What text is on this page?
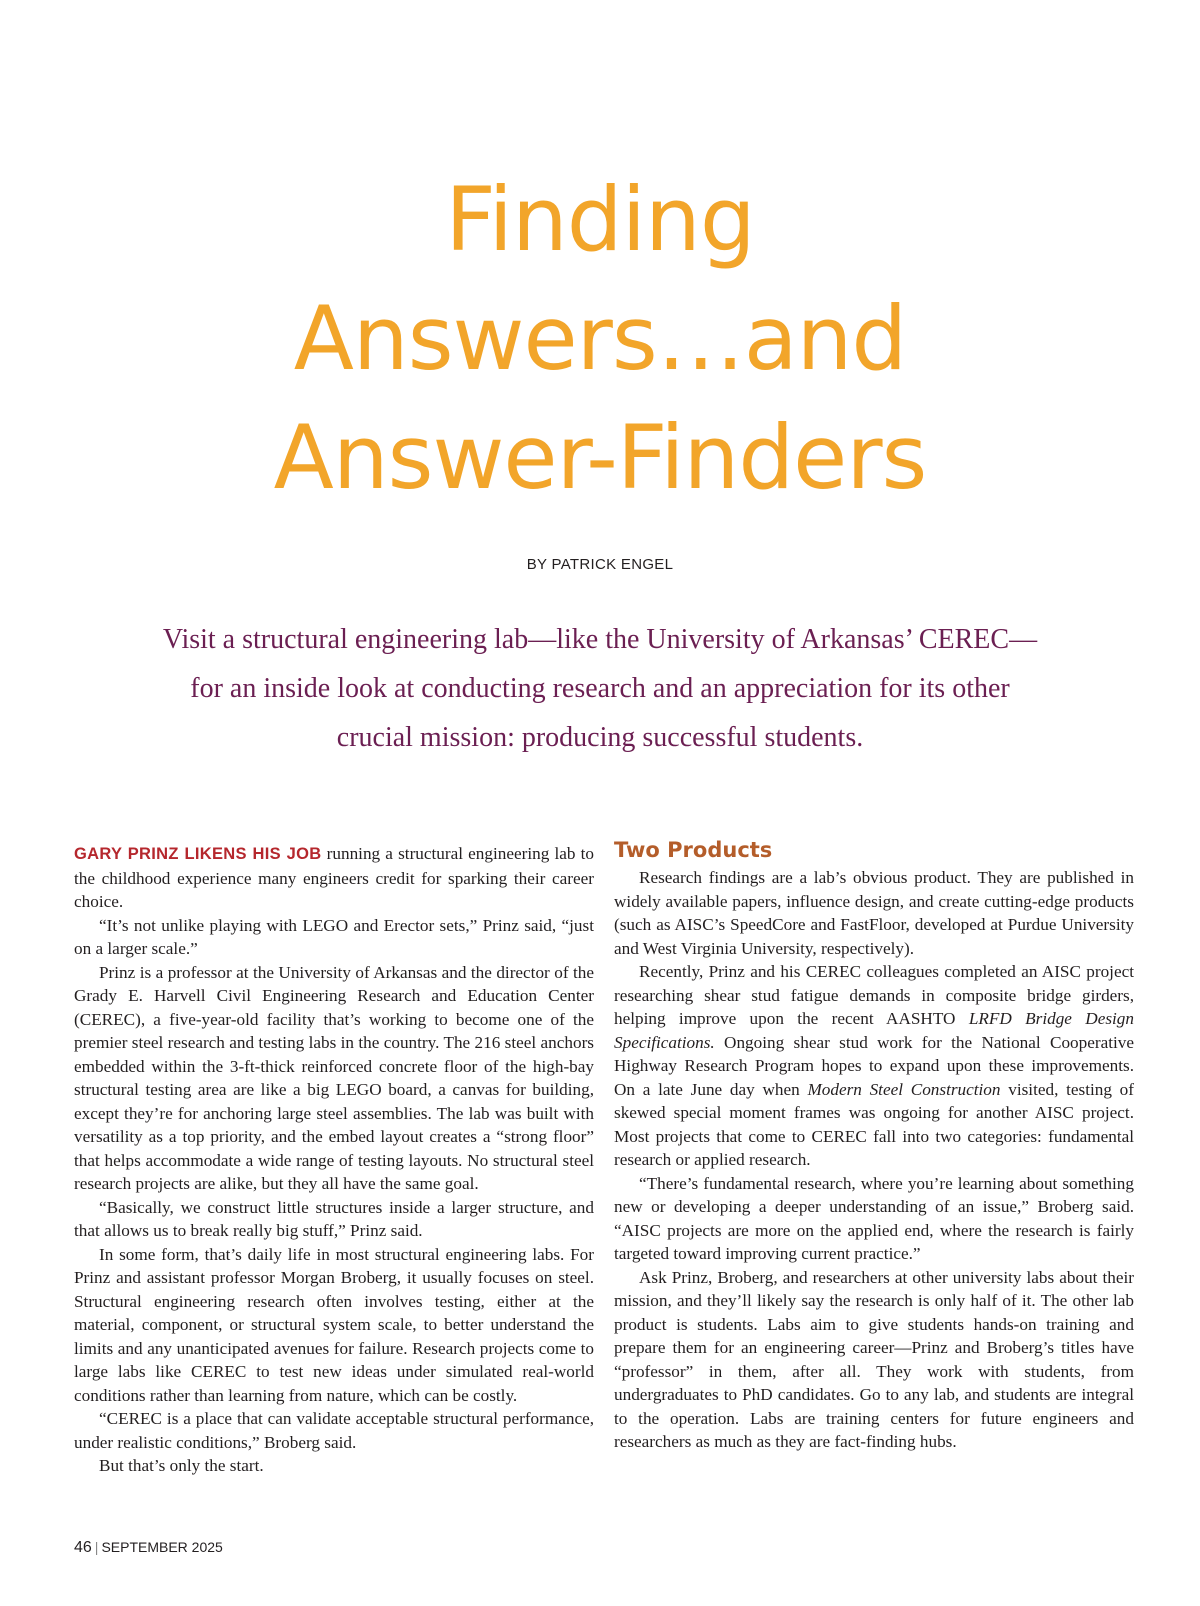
Finding
Answers…and
Answer-Finders
BY PATRICK ENGEL
Visit a structural engineering lab—like the University of Arkansas’ CEREC—
for an inside look at conducting research and an appreciation for its other
crucial mission: producing successful students.

GARY PRINZ LIKENS HIS JOB running a structural engineering lab to the childhood experience many engineers credit for sparking their career choice.

“It’s not unlike playing with LEGO and Erector sets,” Prinz said, “just on a larger scale.”

Prinz is a professor at the University of Arkansas and the director of the Grady E. Harvell Civil Engineering Research and Education Center (CEREC), a five-year-old facility that’s working to become one of the premier steel research and testing labs in the country. The 216 steel anchors embedded within the 3-ft-thick reinforced concrete floor of the high-bay structural testing area are like a big LEGO board, a canvas for building, except they’re for anchoring large steel assemblies. The lab was built with versatility as a top priority, and the embed layout creates a “strong floor” that helps accommodate a wide range of testing layouts. No structural steel research projects are alike, but they all have the same goal.

“Basically, we construct little structures inside a larger structure, and that allows us to break really big stuff,” Prinz said.

In some form, that’s daily life in most structural engineering labs. For Prinz and assistant professor Morgan Broberg, it usually focuses on steel. Structural engineering research often involves testing, either at the material, component, or structural system scale, to better understand the limits and any unanticipated avenues for failure. Research projects come to large labs like CEREC to test new ideas under simulated real-world conditions rather than learning from nature, which can be costly.

“CEREC is a place that can validate acceptable structural performance, under realistic conditions,” Broberg said.

But that’s only the start.

Two Products

Research findings are a lab’s obvious product. They are published in widely available papers, influence design, and create cutting-edge products (such as AISC’s SpeedCore and FastFloor, developed at Purdue University and West Virginia University, respectively).

Recently, Prinz and his CEREC colleagues completed an AISC project researching shear stud fatigue demands in composite bridge girders, helping improve upon the recent AASHTO LRFD Bridge Design Specifications. Ongoing shear stud work for the National Cooperative Highway Research Program hopes to expand upon these improvements. On a late June day when Modern Steel Construction visited, testing of skewed special moment frames was ongoing for another AISC project. Most projects that come to CEREC fall into two categories: fundamental research or applied research.

“There’s fundamental research, where you’re learning about something new or developing a deeper understanding of an issue,” Broberg said. “AISC projects are more on the applied end, where the research is fairly targeted toward improving current practice.”

Ask Prinz, Broberg, and researchers at other university labs about their mission, and they’ll likely say the research is only half of it. The other lab product is students. Labs aim to give students hands-on training and prepare them for an engineering career—Prinz and Broberg’s titles have “professor” in them, after all. They work with students, from undergraduates to PhD candidates. Go to any lab, and students are integral to the operation. Labs are training centers for future engineers and researchers as much as they are fact-finding hubs.

46 | SEPTEMBER 2025
